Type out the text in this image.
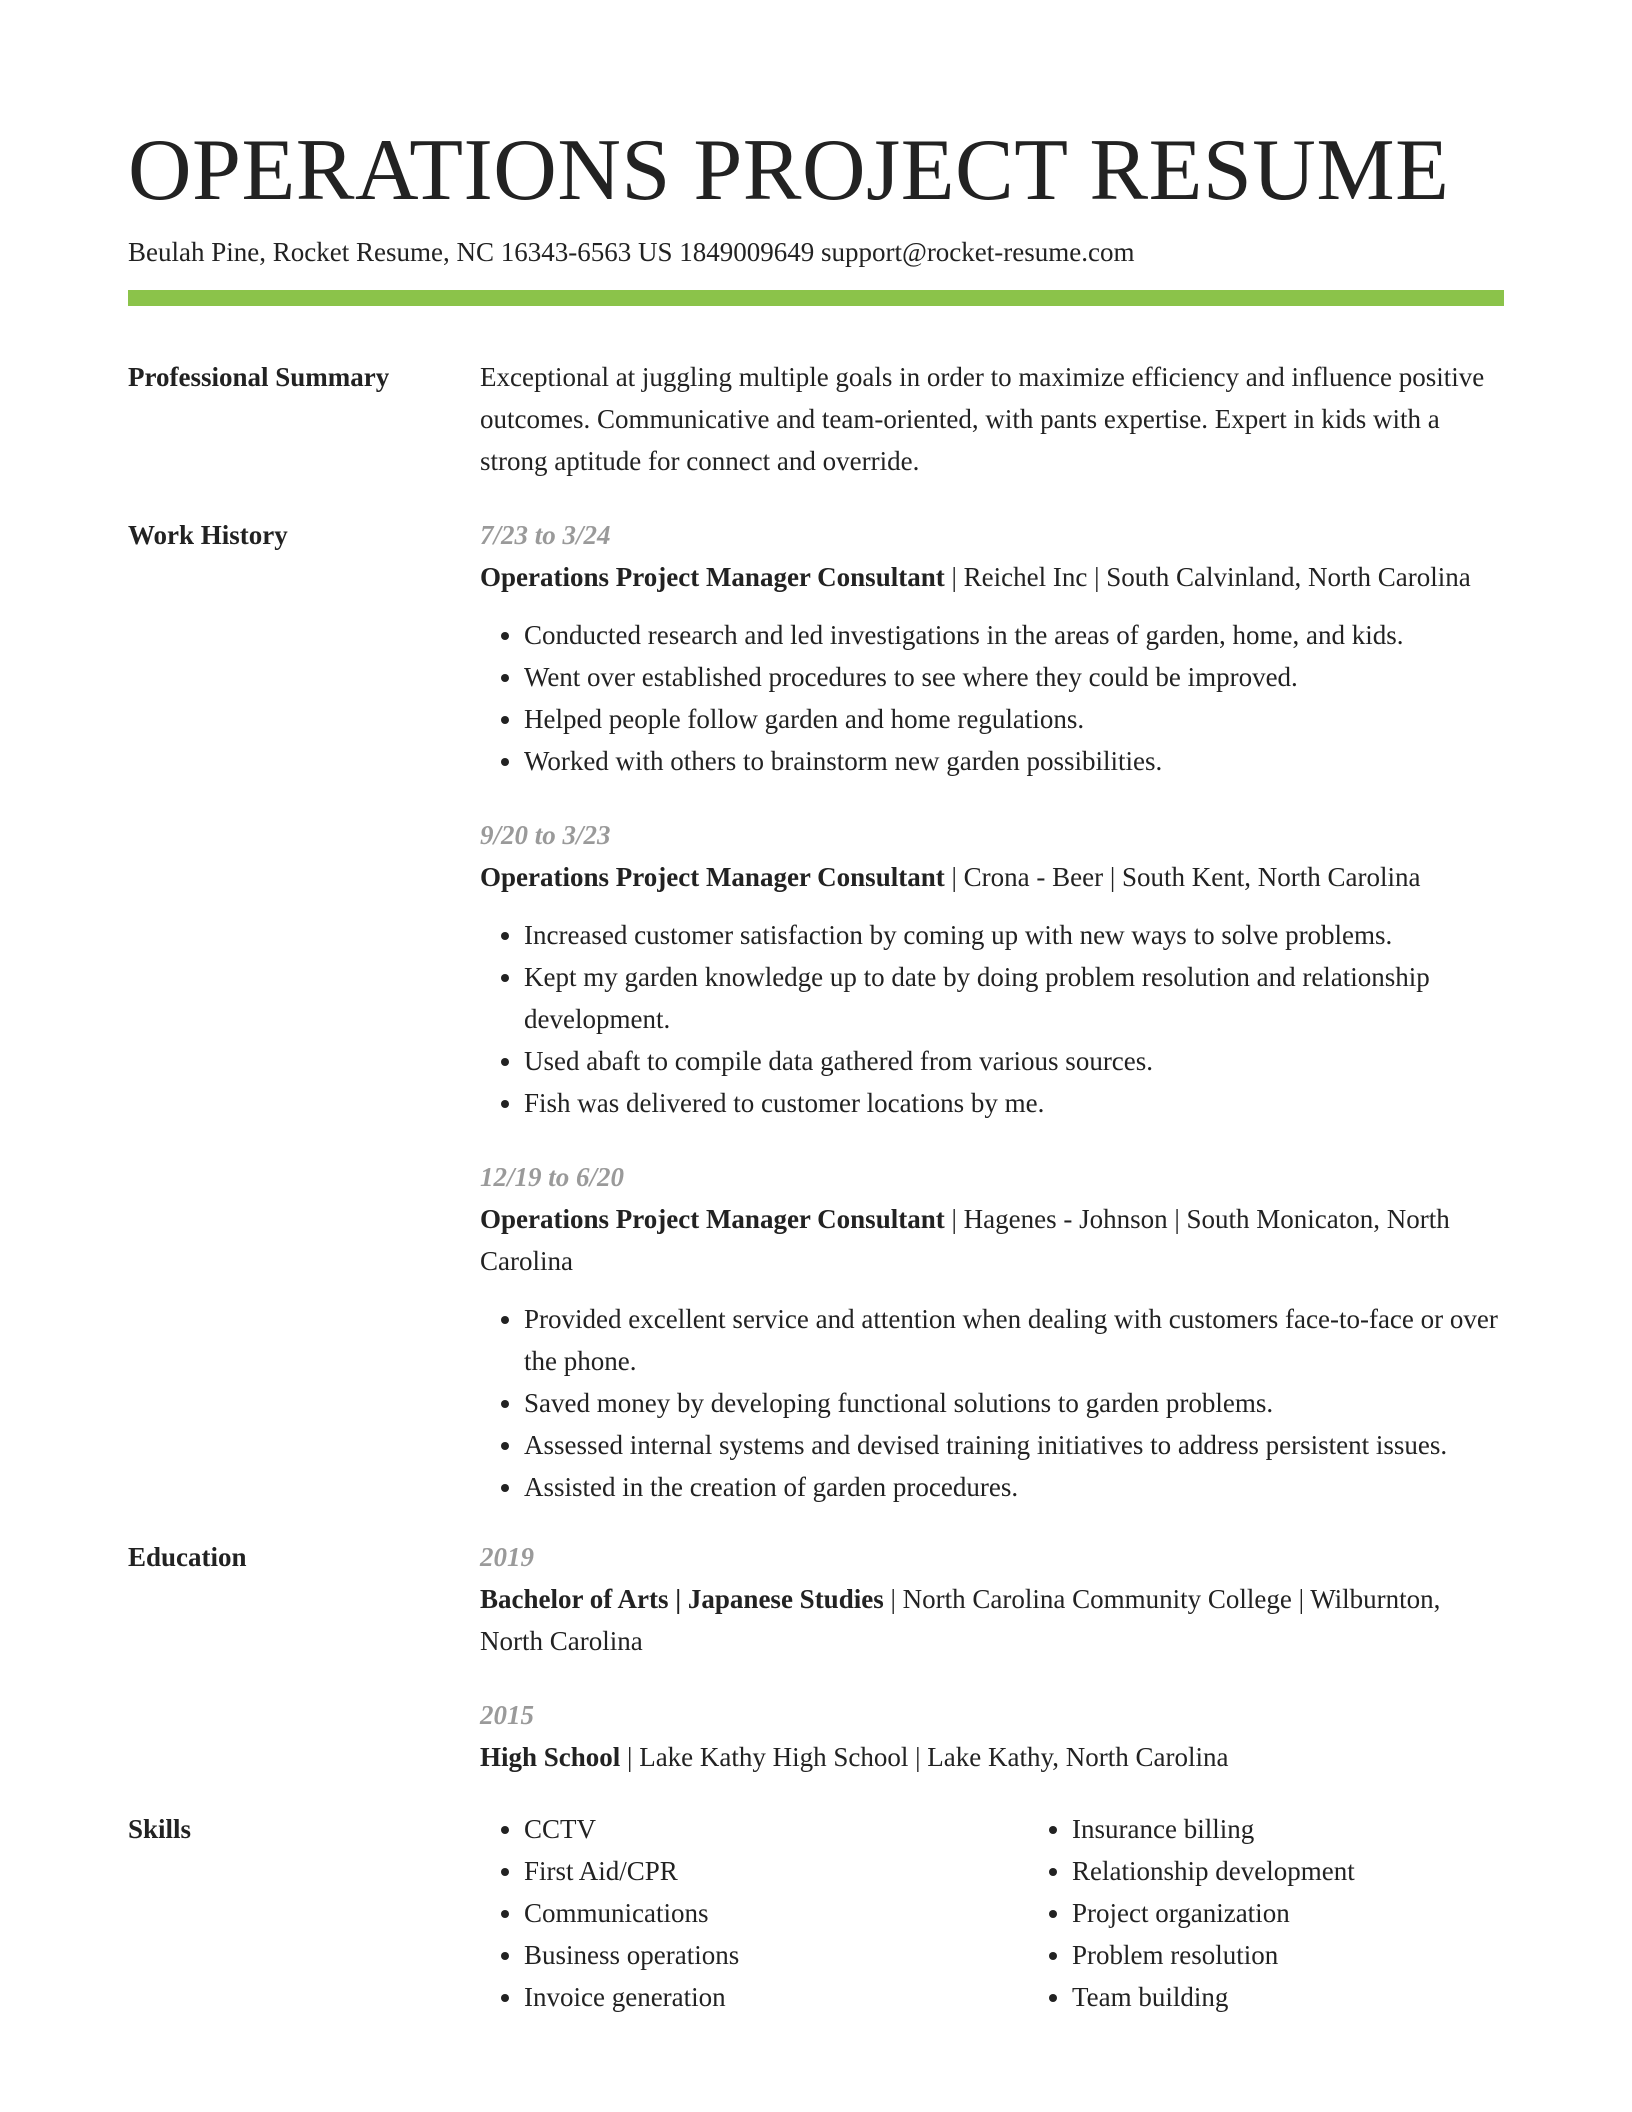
OPERATIONS PROJECT RESUME
Beulah Pine, Rocket Resume, NC 16343-6563 US 1849009649 support@rocket-resume.com
Professional Summary	Exceptional at juggling multiple goals in order to maximize efficiency and influence positive outcomes. Communicative and team-oriented, with pants expertise. Expert in kids with a strong aptitude for connect and override.
Work History	7/23 to 3/24
Operations Project Manager Consultant | Reichel Inc | South Calvinland, North Carolina
• Conducted research and led investigations in the areas of garden, home, and kids.
• Went over established procedures to see where they could be improved.
• Helped people follow garden and home regulations.
• Worked with others to brainstorm new garden possibilities.
9/20 to 3/23
Operations Project Manager Consultant | Crona - Beer | South Kent, North Carolina
• Increased customer satisfaction by coming up with new ways to solve problems.
• Kept my garden knowledge up to date by doing problem resolution and relationship development.
• Used abaft to compile data gathered from various sources.
• Fish was delivered to customer locations by me.
12/19 to 6/20
Operations Project Manager Consultant | Hagenes - Johnson | South Monicaton, North Carolina
• Provided excellent service and attention when dealing with customers face-to-face or over the phone.
• Saved money by developing functional solutions to garden problems.
• Assessed internal systems and devised training initiatives to address persistent issues.
• Assisted in the creation of garden procedures.
Education	2019
Bachelor of Arts | Japanese Studies | North Carolina Community College | Wilburnton, North Carolina
2015
High School | Lake Kathy High School | Lake Kathy, North Carolina
Skills
•	CCTV
• First Aid/CPR
• Communications
• Business operations
• Invoice generation
• Insurance billing
• Relationship development
• Project organization
• Problem resolution
• Team building
